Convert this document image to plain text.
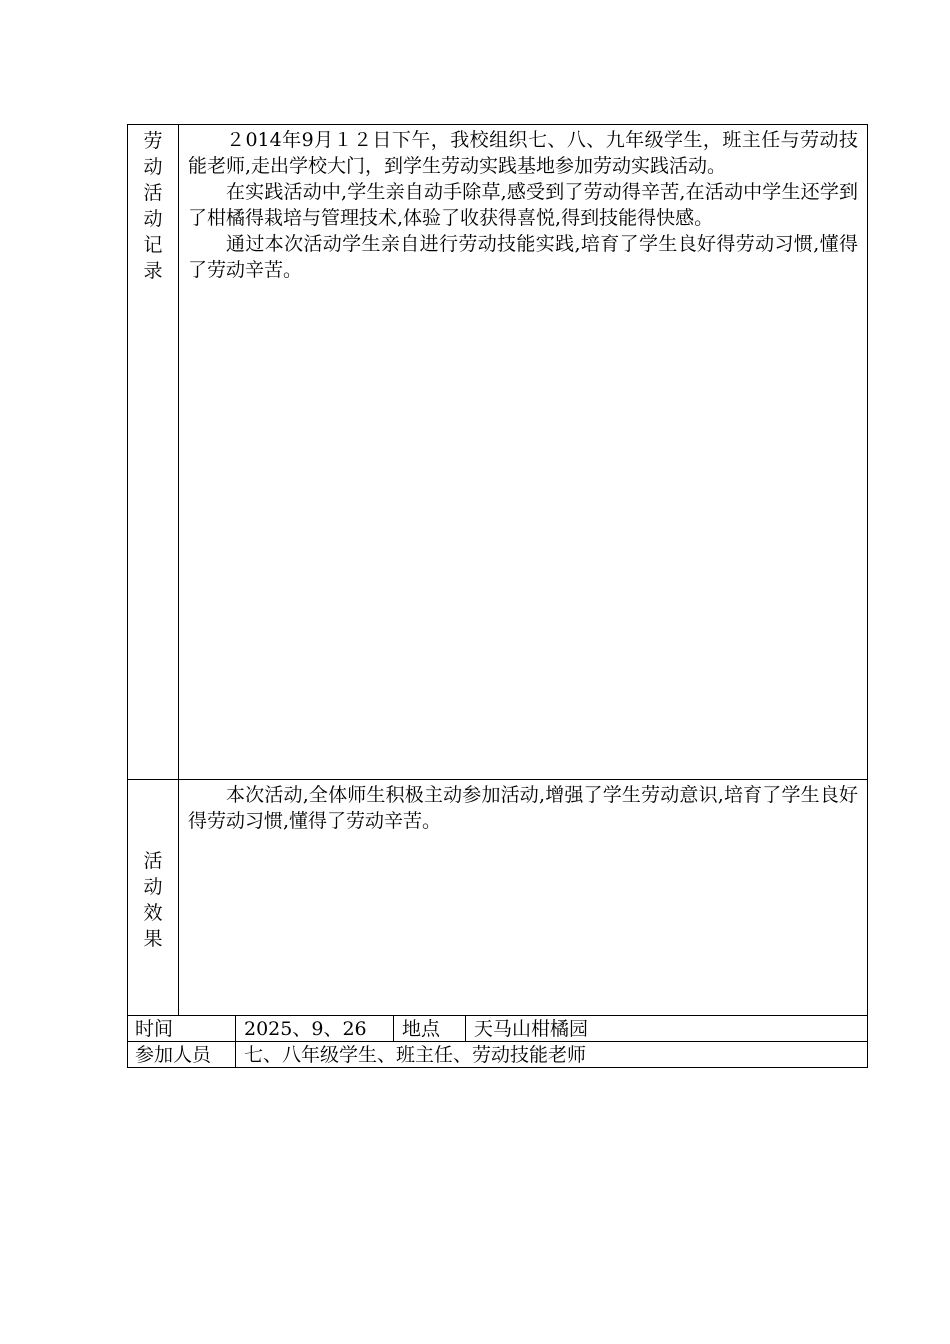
劳
动
活
动
记
录

２014年9月１２日下午，我校组织七、八、九年级学生，班主任与劳动技能老师,走出学校大门，到学生劳动实践基地参加劳动实践活动。

在实践活动中,学生亲自动手除草,感受到了劳动得辛苦,在活动中学生还学到了柑橘得栽培与管理技术,体验了收获得喜悦,得到技能得快感。

通过本次活动学生亲自进行劳动技能实践,培育了学生良好得劳动习惯,懂得了劳动辛苦。

活
动
效
果

本次活动,全体师生积极主动参加活动,增强了学生劳动意识,培育了学生良好得劳动习惯,懂得了劳动辛苦。

时间	2025、9、26 地点 天马山柑橘园
参加人员 七、八年级学生、班主任、劳动技能老师
